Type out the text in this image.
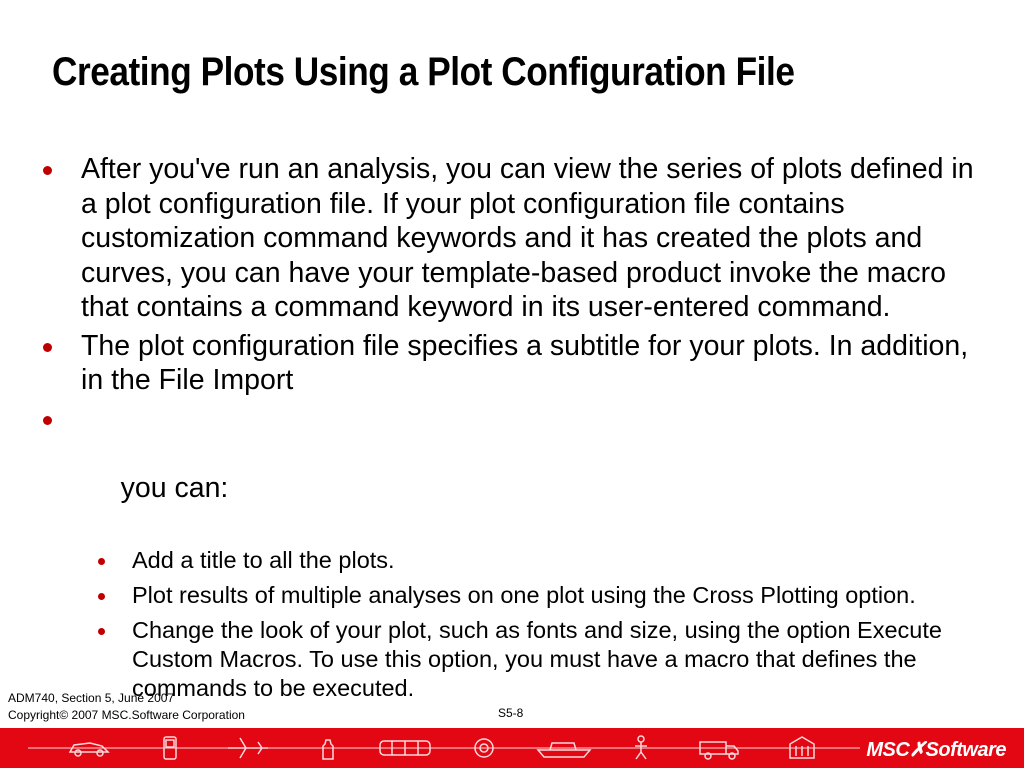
Creating Plots Using a Plot Configuration File
After you've run an analysis, you can view the series of plots defined in a plot configuration file. If your plot configuration file contains customization command keywords and it has created the plots and curves, you can have your template-based product invoke the macro that contains a command keyword in its user-entered command.
The plot configuration file specifies a subtitle for your plots. In addition, in the File Import

you can:

Add a title to all the plots.
Plot results of multiple analyses on one plot using the Cross Plotting option.
Change the look of your plot, such as fonts and size, using the option Execute Custom Macros. To use this option, you must have a macro that defines the commands to be executed.
ADM740, Section 5, June 2007
Copyright© 2007 MSC.Software Corporation	S5-8
MSC✗Software
